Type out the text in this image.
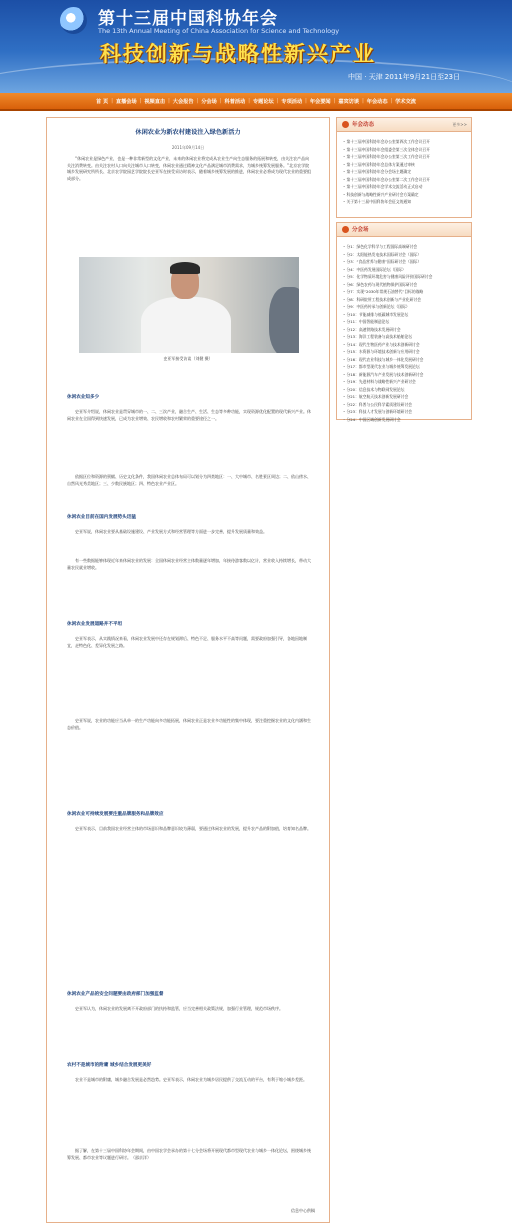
第十三届中国科协年会
The 13th Annual Meeting of China Association for Science and Technology
科技创新与战略性新兴产业
中国 · 天津 2011年9月21日至23日
首 页 | 直播会场 | 视频直击 | 大会报告 | 分会场 | 科普活动 | 专题论坛 | 专项活动 | 年会要闻 | 嘉宾访谈 | 年会动态 | 学术交流
休闲农业为新农村建设注入绿色新活力
2011年09月14日

“休闲农业是绿色产业，也是一种非常新型的文化产业，未来的休闲农业将完成从农业生产向生态服务的拓展和转变，由关注农产品向关注消费转变。由关注农村人口向关注城市人口转变，休闲农业通过精神文化产品满足城市消费需求，为城乡统筹发展服务。”北京农学院城乡发展研究所所长、北京农学院园艺学院院长史亚军在接受采访时表示，随着城乡统筹发展的推进，休闲农业必将成为现代农业的重要组成部分。

史亚军接受访谈（刘健 摄）
休闲农业知多少

史亚军介绍说，休闲农业是贯穿城市的一、二、三次产业，融合生产、生活、生态等多种功能，实现资源优化配置的现代新兴产业。休闲农业在全国得到快速发展，已成为农业增效、农民增收和农村繁荣的重要途径之一。

依据区位和资源的禀赋、历史文化条件，我国休闲农业总体布局可以划分为四类地区：一、大中城市、名胜景区周边；二、依山傍水、自然风光秀美地区；三、少数民族地区；四、特色农业产业区。

休闲农业目前在国内发展势头迅猛

史亚军说，休闲农业要从基础设施建设、产业发展方式和经营管理等方面进一步完善，提升发展质量和效益。

有一些数据能够体现近年来休闲农业的发展：全国休闲农业经营主体数量逐年增加，年接待游客数以亿计，营业收入持续增长，带动大量农民就业增收。

休闲农业发展道路并不平坦

史亚军表示，从实践情况来看，休闲农业发展中还存在规划滞后、特色不足、服务水平不高等问题，需要政府加强引导，各地因地制宜，走特色化、差异化发展之路。

史亚军说，农业的功能应当从单一的生产功能向多功能拓展，休闲农业正是农业多功能性的集中体现，要注重挖掘农业的文化内涵和生态价值。

休闲农业可持续发展要注重品牌服务和品牌效应

史亚军表示，目前我国农业经营主体的市场意识和品牌意识较为薄弱，要通过休闲农业的发展，提升农产品的附加值，培育知名品牌。

休闲农业产品的安全问题要由政府部门加强监督

史亚军认为，休闲农业的发展离不开政府部门的扶持和监管，应当完善相关政策法规，加强行业管理，规范市场秩序。

农村不是城市的附庸 城乡结合发展更美好

农业不是城市的附庸，城乡融合发展是必然趋势。史亚军表示，休闲农业为城乡居民提供了交流互动的平台，有利于缩小城乡差距。

据了解，在第十三届中国科协年会期间，由中国农学会承办的第十七分会场将开展现代都市型现代农业与城乡一体化论坛，围绕城乡统筹发展、都市农业等议题进行研讨。（邵京洋）

信息中心供稿
年会动态	更多>>
• 第十三届中国科协年会办公室第四次工作会议召开
• 第十三届中国科协年会组委会第三次全体会议召开
• 第十三届中国科协年会办公室第三次工作会议召开
• 第十三届中国科协年会总体方案通过审核
• 第十三届中国科协年会分会场主题确定
• 第十三届中国科协年会办公室第二次工作会议召开
• 第十三届中国科协年会学术交流活动正式启动
• 科技创新与战略性新兴产业研讨会方案确定
• 关于第十三届中国科协年会征文的通知
分会场
• 分1：绿色化学科学与工程国际高端研讨会
• 分2：太阳能热发电技术国际研讨会（国际）
• 分3：“食品营养与健康”国际研讨会（国际）
• 分4：中医药发展国际论坛（国际）
• 分5：化学物质环境危害与健康风险评价国际研讨会
• 分6：绿色农药与现代植物保护国际研讨会
• 分7：实现“2030年常规石油替代”目标的战略
• 分8：科研院所工程技术创新与产业化研讨会
• 分9：中医药传承与创新论坛（国际）
• 分10：节能减排与低碳城市发展论坛
• 分11：中国智能制造论坛
• 分12：高速铁路技术发展研讨会
• 分13：海洋工程装备与高技术船舶论坛
• 分14：现代生物医药产业与技术创新研讨会
• 分15：水资源与环境技术创新与应用研讨会
• 分16：现代农业科技与城乡一体化发展研讨会
• 分17：都市型现代农业与城乡统筹发展论坛
• 分18：新能源汽车产业发展与技术创新研讨会
• 分19：先进材料与战略性新兴产业研讨会
• 分20：信息技术与物联网发展论坛
• 分21：航空航天技术创新发展研讨会
• 分22：科普与公民科学素质建设研讨会
• 分23：科技人才发展与创新环境研讨会
• 分24：中国区域创新发展研讨会
